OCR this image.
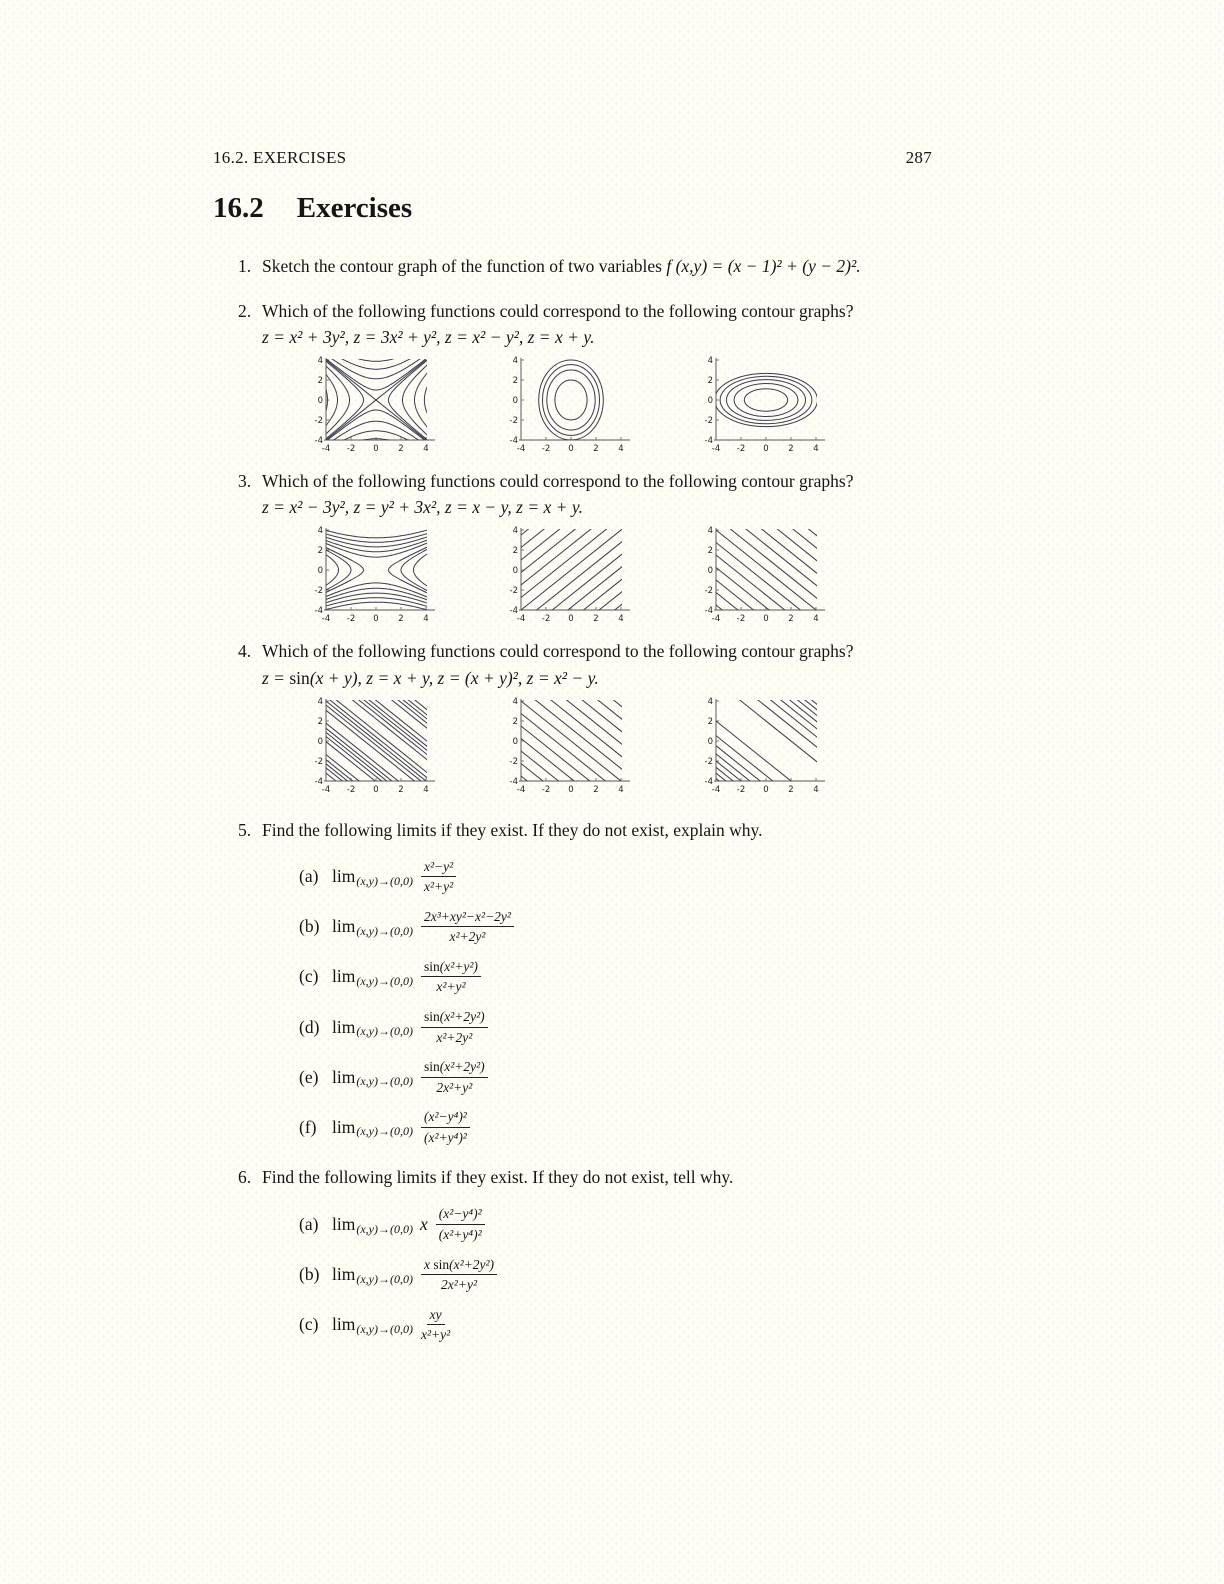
16.2. EXERCISES	287
16.2 Exercises
1. Sketch the contour graph of the function of two variables f (x,y) = (x − 1)² + (y − 2)².
2. Which of the following functions could correspond to the following contour graphs?
z = x² + 3y², z = 3x² + y², z = x² − y², z = x + y.
-4 -2 0 2 4
4
2
0
-2
-4
-4 -2 0 2 4
4
2
0
-2
-4
-4 -2 0 2 4
4
2
0
-2
-4
3. Which of the following functions could correspond to the following contour graphs?
z = x² − 3y², z = y² + 3x², z = x − y, z = x + y.
-4 -2 0 2 4
4
2
0
-2
-4
-4 -2 0 2 4
4
2
0
-2
-4
-4 -2 0 2 4
4
2
0
-2
-4
4. Which of the following functions could correspond to the following contour graphs?
z = sin(x + y), z = x + y, z = (x + y)², z = x² − y.
-4 -2 0 2 4
4
2
0
-2
-4
-4 -2 0 2 4
4
2
0
-2
-4
-4 -2 0 2 4
4
2
0
-2
-4
5. Find the following limits if they exist. If they do not exist, explain why.
(a) $\lim (x,y)\to(0,0) \frac{\text{x²−y²}}{\text{x²+y²}}$
(b) $\lim (x,y)\to(0,0) \frac{\text{2x³+xy²−x²−2y²}}{\text{x²+2y²}}$
(c) $\lim (x,y)\to(0,0) \frac{\text{sin(x²+y²)}}{\text{x²+y²}}$
(d) $\lim (x,y)\to(0,0) \frac{\text{sin(x²+2y²)}}{\text{x²+2y²}}$
(e) $\lim (x,y)\to(0,0) \frac{\text{sin(x²+2y²)}}{\text{2x²+y²}}$
(f) $\lim (x,y)\to(0,0) \frac{\text{(x²−y⁴)²}}{\text{(x²+y⁴)²}}$
6. Find the following limits if they exist. If they do not exist, tell why.
(a) lim (x,y)→(0,0) x $\frac{\text{(x²−y⁴)²}}{\text{(x²+y⁴)²}}$
(b) $\lim (x,y)\to(0,0) \frac{\text{x sin(x²+2y²)}}{\text{2x²+y²}}$
(c) $\lim (x,y)\to(0,0) \frac{xy}{\text{x²+y²}}$
